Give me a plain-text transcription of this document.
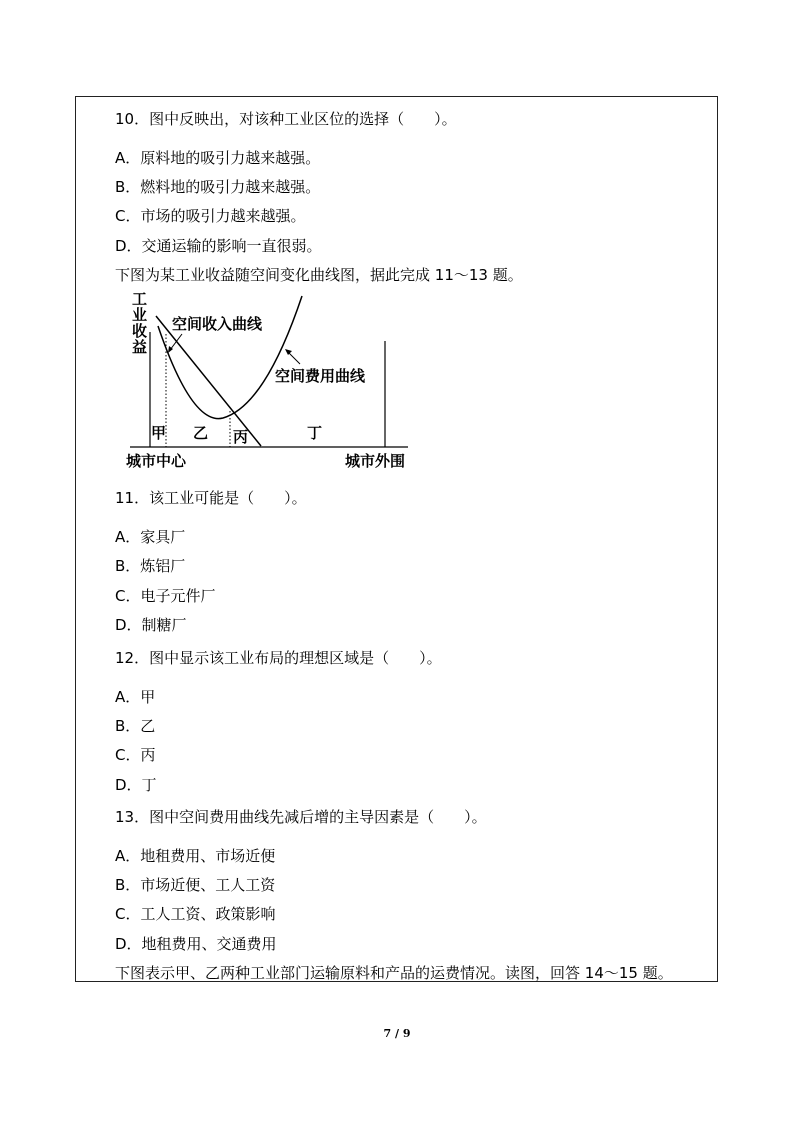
10．图中反映出，对该种工业区位的选择（　　）。
A．原料地的吸引力越来越强。
B．燃料地的吸引力越来越强。
C．市场的吸引力越来越强。
D．交通运输的影响一直很弱。
下图为某工业收益随空间变化曲线图，据此完成 11～13 题。
工
业
收
益
空间收入曲线
空间费用曲线
甲 乙 丙	丁
城市中心	城市外围
11．该工业可能是（　　）。
A．家具厂
B．炼铝厂
C．电子元件厂
D．制糖厂
12．图中显示该工业布局的理想区域是（　　）。
A．甲
B．乙
C．丙
D．丁
13．图中空间费用曲线先减后增的主导因素是（　　）。
A．地租费用、市场近便
B．市场近便、工人工资
C．工人工资、政策影响
D．地租费用、交通费用
下图表示甲、乙两种工业部门运输原料和产品的运费情况。读图，回答 14～15 题。
7 / 9
